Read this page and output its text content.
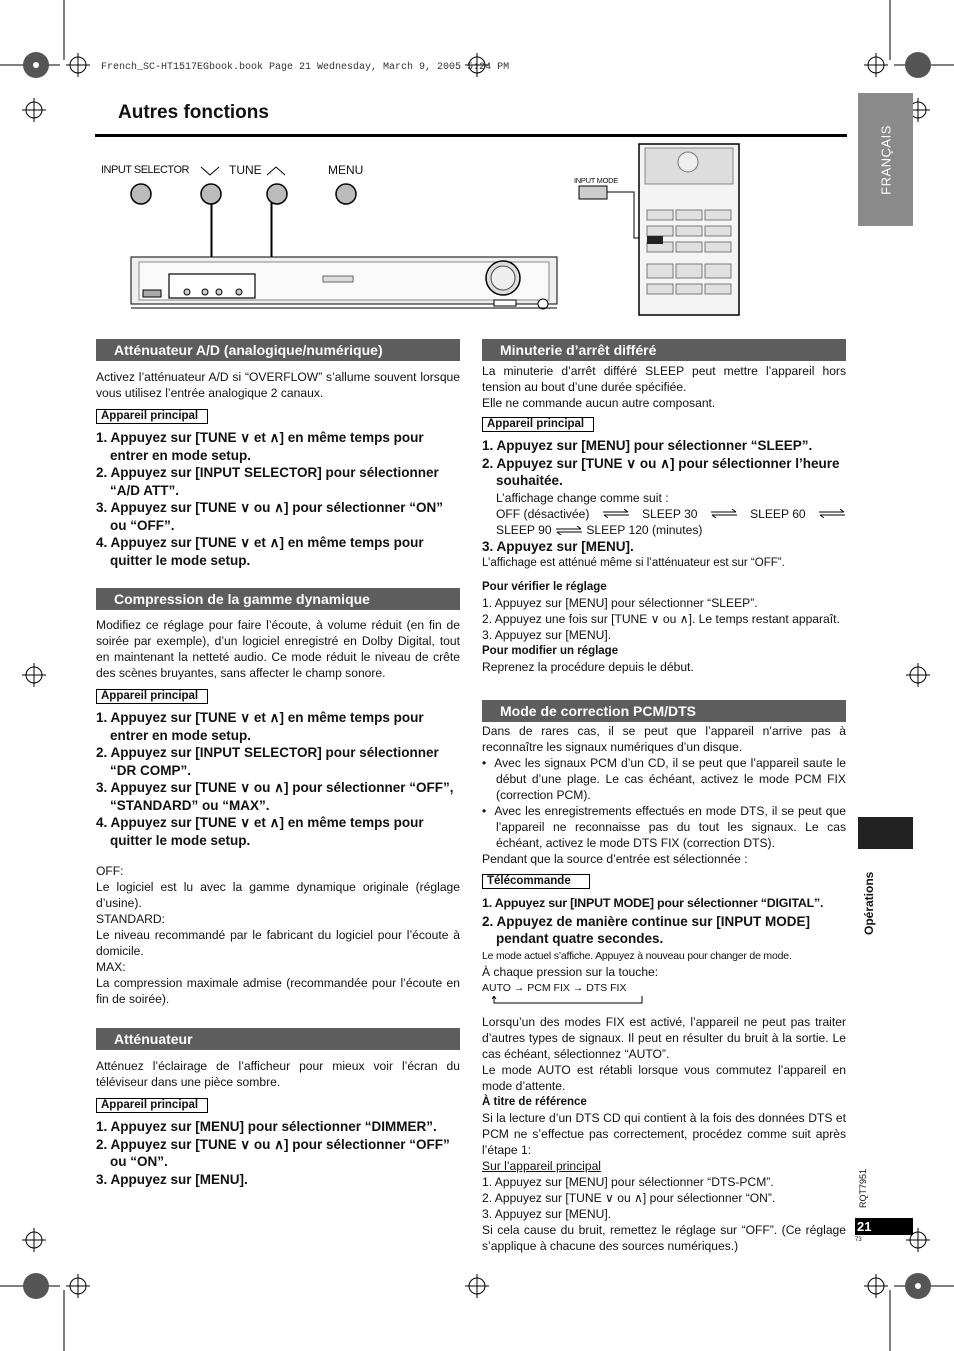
French_SC-HT1517EGbook.book Page 21 Wednesday, March 9, 2005 5:24 PM
Autres fonctions
FRANÇAIS
Opérations
RQT7951
21
73
INPUT SELECTOR	TUNE	MENU
INPUT MODE
Atténuateur A/D (analogique/numérique)

Activez l’atténuateur A/D si “OVERFLOW” s’allume souvent lorsque vous utilisez l’entrée analogique 2 canaux.

Appareil principal

1. Appuyez sur [TUNE ∨ et ∧] en même temps pour entrer en mode setup.

2. Appuyez sur [INPUT SELECTOR] pour sélectionner “A/D ATT”.

3. Appuyez sur [TUNE ∨ ou ∧] pour sélectionner “ON” ou “OFF”.

4. Appuyez sur [TUNE ∨ et ∧] en même temps pour quitter le mode setup.

Compression de la gamme dynamique

Modifiez ce réglage pour faire l’écoute, à volume réduit (en fin de soirée par exemple), d’un logiciel enregistré en Dolby Digital, tout en maintenant la netteté audio. Ce mode réduit le niveau de crête des scènes bruyantes, sans affecter le champ sonore.

Appareil principal

1. Appuyez sur [TUNE ∨ et ∧] en même temps pour entrer en mode setup.

2. Appuyez sur [INPUT SELECTOR] pour sélectionner “DR COMP”.

3. Appuyez sur [TUNE ∨ ou ∧] pour sélectionner “OFF”, “STANDARD” ou “MAX”.

4. Appuyez sur [TUNE ∨ et ∧] en même temps pour quitter le mode setup.

OFF:

Le logiciel est lu avec la gamme dynamique originale (réglage d’usine).

STANDARD:

Le niveau recommandé par le fabricant du logiciel pour l’écoute à domicile.

MAX:

La compression maximale admise (recommandée pour l’écoute en fin de soirée).

Atténuateur

Atténuez l’éclairage de l’afficheur pour mieux voir l’écran du téléviseur dans une pièce sombre.

Appareil principal

1. Appuyez sur [MENU] pour sélectionner “DIMMER”.

2. Appuyez sur [TUNE ∨ ou ∧] pour sélectionner “OFF” ou “ON”.

3. Appuyez sur [MENU].

Minuterie d’arrêt différé

La minuterie d’arrêt différé SLEEP peut mettre l’appareil hors tension au bout d’une durée spécifiée.

Elle ne commande aucun autre composant.

Appareil principal

1. Appuyez sur [MENU] pour sélectionner “SLEEP”.

2. Appuyez sur [TUNE ∨ ou ∧] pour sélectionner l’heure souhaitée.

L’affichage change comme suit :

OFF (désactivée)	SLEEP 30	SLEEP 60
SLEEP 90	SLEEP 120 (minutes)

3. Appuyez sur [MENU].

L’affichage est atténué même si l’atténuateur est sur “OFF”.

Pour vérifier le réglage

1. Appuyez sur [MENU] pour sélectionner “SLEEP”.

2. Appuyez une fois sur [TUNE ∨ ou ∧]. Le temps restant apparaît.

3. Appuyez sur [MENU].

Pour modifier un réglage

Reprenez la procédure depuis le début.

Mode de correction PCM/DTS

Dans de rares cas, il se peut que l’appareil n’arrive pas à reconnaître les signaux numériques d’un disque.

•  Avec les signaux PCM d’un CD, il se peut que l’appareil saute le début d’une plage. Le cas échéant, activez le mode PCM FIX (correction PCM).

•  Avec les enregistrements effectués en mode DTS, il se peut que l’appareil ne reconnaisse pas du tout les signaux. Le cas échéant, activez le mode DTS FIX (correction DTS).

Pendant que la source d’entrée est sélectionnée :

Télécommande

1. Appuyez sur [INPUT MODE] pour sélectionner “DIGITAL”.

2. Appuyez de manière continue sur [INPUT MODE] pendant quatre secondes.

Le mode actuel s’affiche. Appuyez à nouveau pour changer de mode.

À chaque pression sur la touche:

AUTO → PCM FIX → DTS FIX

Lorsqu’un des modes FIX est activé, l’appareil ne peut pas traiter d’autres types de signaux. Il peut en résulter du bruit à la sortie. Le cas échéant, sélectionnez “AUTO”.

Le mode AUTO est rétabli lorsque vous commutez l’appareil en mode d’attente.

À titre de référence

Si la lecture d’un DTS CD qui contient à la fois des données DTS et PCM ne s’effectue pas correctement, procédez comme suit après l’étape 1:

Sur l’appareil principal

1. Appuyez sur [MENU] pour sélectionner “DTS-PCM”.

2. Appuyez sur [TUNE ∨ ou ∧] pour sélectionner “ON”.

3. Appuyez sur [MENU].

Si cela cause du bruit, remettez le réglage sur “OFF”. (Ce réglage s’applique à chacune des sources numériques.)
